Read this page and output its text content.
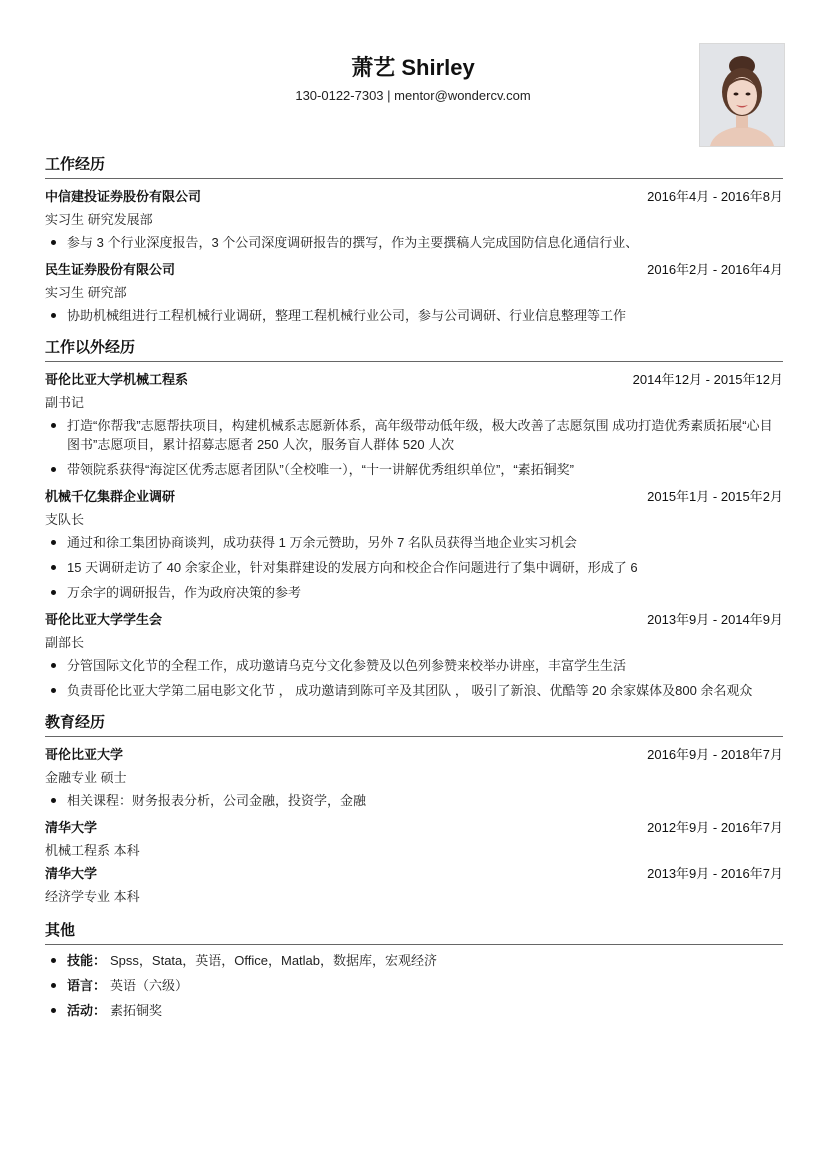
萧艺 Shirley
130-0122-7303 | mentor@wondercv.com
工作经历
中信建投证券股份有限公司	2016年4月 - 2016年8月
实习生 研究发展部
参与 3 个行业深度报告，3 个公司深度调研报告的撰写，作为主要撰稿人完成国防信息化通信行业、
民生证券股份有限公司	2016年2月 - 2016年4月
实习生 研究部
协助机械组进行工程机械行业调研，整理工程机械行业公司，参与公司调研、行业信息整理等工作
工作以外经历
哥伦比亚大学机械工程系	2014年12月 - 2015年12月
副书记
打造“你帮我”志愿帮扶项目，构建机械系志愿新体系，高年级带动低年级，极大改善了志愿氛围 成功打造优秀素质拓展“心目图书”志愿项目，累计招募志愿者 250 人次，服务盲人群体 520 人次
带领院系获得“海淀区优秀志愿者团队”（全校唯一），“十一讲解优秀组织单位”，“素拓铜奖”
机械千亿集群企业调研	2015年1月 - 2015年2月
支队长
通过和徐工集团协商谈判，成功获得 1 万余元赞助，另外 7 名队员获得当地企业实习机会
15 天调研走访了 40 余家企业，针对集群建设的发展方向和校企合作问题进行了集中调研，形成了 6
万余字的调研报告，作为政府决策的参考
哥伦比亚大学学生会	2013年9月 - 2014年9月
副部长
分管国际文化节的全程工作，成功邀请乌克兮文化参赞及以色列参赞来校举办讲座，丰富学生生活
负责哥伦比亚大学第二届电影文化节 ， 成功邀请到陈可辛及其团队 ， 吸引了新浪、优酷等 20 余家媒体及800 余名观众
教育经历
哥伦比亚大学	2016年9月 - 2018年7月
金融专业 硕士
相关课程：财务报表分析，公司金融，投资学，金融
清华大学	2012年9月 - 2016年7月
机械工程系 本科
清华大学	2013年9月 - 2016年7月
经济学专业 本科
其他
技能： Spss，Stata，英语，Office，Matlab，数据库，宏观经济
语言： 英语（六级）
活动： 素拓铜奖
